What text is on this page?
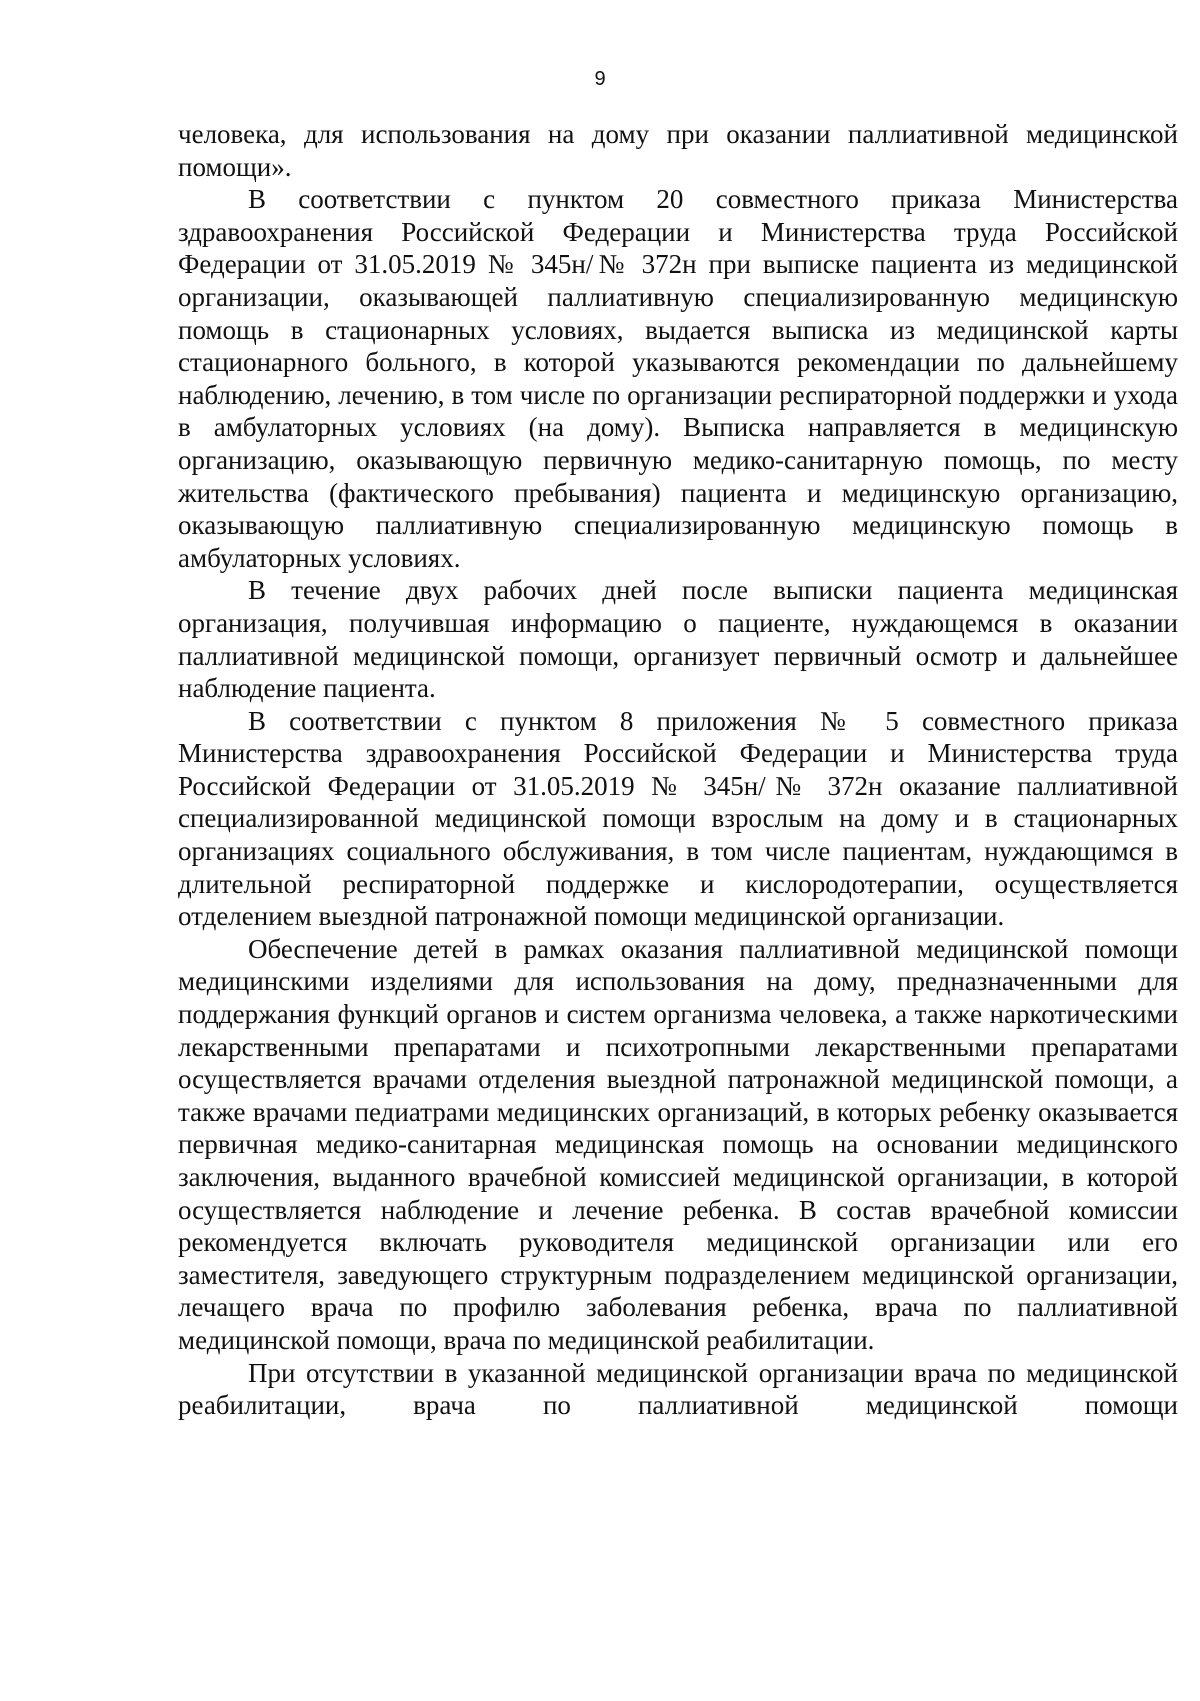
9

человека, для использования на дому при оказании паллиативной медицинской помощи».

В соответствии с пунктом 20 совместного приказа Министерства здравоохранения Российской Федерации и Министерства труда Российской Федерации от 31.05.2019 № 345н/№ 372н при выписке пациента из медицинской организации, оказывающей паллиативную специализированную медицинскую помощь в стационарных условиях, выдается выписка из медицинской карты стационарного больного, в которой указываются рекомендации по дальнейшему наблюдению, лечению, в том числе по организации респираторной поддержки и ухода в амбулаторных условиях (на дому). Выписка направляется в медицинскую организацию, оказывающую первичную медико-санитарную помощь, по месту жительства (фактического пребывания) пациента и медицинскую организацию, оказывающую паллиативную специализированную медицинскую помощь в амбулаторных условиях.

В течение двух рабочих дней после выписки пациента медицинская организация, получившая информацию о пациенте, нуждающемся в оказании паллиативной медицинской помощи, организует первичный осмотр и дальнейшее наблюдение пациента.

В соответствии с пунктом 8 приложения № 5 совместного приказа Министерства здравоохранения Российской Федерации и Министерства труда Российской Федерации от 31.05.2019 № 345н/№ 372н оказание паллиативной специализированной медицинской помощи взрослым на дому и в стационарных организациях социального обслуживания, в том числе пациентам, нуждающимся в длительной респираторной поддержке и кислородотерапии, осуществляется отделением выездной патронажной помощи медицинской организации.

Обеспечение детей в рамках оказания паллиативной медицинской помощи медицинскими изделиями для использования на дому, предназначенными для поддержания функций органов и систем организма человека, а также наркотическими лекарственными препаратами и психотропными лекарственными препаратами осуществляется врачами отделения выездной патронажной медицинской помощи, а также врачами педиатрами медицинских организаций, в которых ребенку оказывается первичная медико-санитарная медицинская помощь на основании медицинского заключения, выданного врачебной комиссией медицинской организации, в которой осуществляется наблюдение и лечение ребенка. В состав врачебной комиссии рекомендуется включать руководителя медицинской организации или его заместителя, заведующего структурным подразделением медицинской организации, лечащего врача по профилю заболевания ребенка, врача по паллиативной медицинской помощи, врача по медицинской реабилитации.

При отсутствии в указанной медицинской организации врача по медицинской реабилитации, врача по паллиативной медицинской помощи
